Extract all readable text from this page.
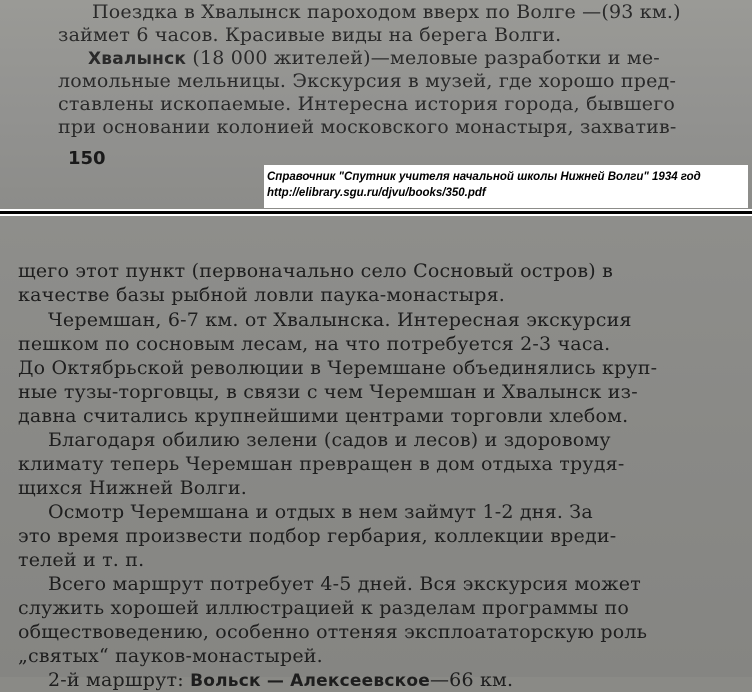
Поездка в Хвалынск пароходом вверх по Волге —(93 км.)
займет 6 часов. Красивые виды на берега Волги.
Хвалынск (18 000 жителей)—меловые разработки и ме-
ломольные мельницы. Экскурсия в музей, где хорошо пред-
ставлены ископаемые. Интересна история города, бывшего
при основании колонией московского монастыря, захватив-
150
Справочник "Спутник учителя начальной школы Нижней Волги" 1934 год
http://elibrary.sgu.ru/djvu/books/350.pdf
щего этот пункт (первоначально село Сосновый остров) в
качестве базы рыбной ловли паука-монастыря.
Черемшан, 6-7 км. от Хвалынска. Интересная экскурсия
пешком по сосновым лесам, на что потребуется 2-3 часа.
До Октябрьской революции в Черемшане объединялись круп-
ные тузы-торговцы, в связи с чем Черемшан и Хвалынск из-
давна считались крупнейшими центрами торговли хлебом.
Благодаря обилию зелени (садов и лесов) и здоровому
климату теперь Черемшан превращен в дом отдыха трудя-
щихся Нижней Волги.
Осмотр Черемшана и отдых в нем займут 1-2 дня. За
это время произвести подбор гербария, коллекции вреди-
телей и т. п.
Всего маршрут потребует 4-5 дней. Вся экскурсия может
служить хорошей иллюстрацией к разделам программы по
обществоведению, особенно оттеняя эксплоататорскую роль
„святых“ пауков-монастырей.
2-й маршрут: Вольск — Алексеевское—66 км.
